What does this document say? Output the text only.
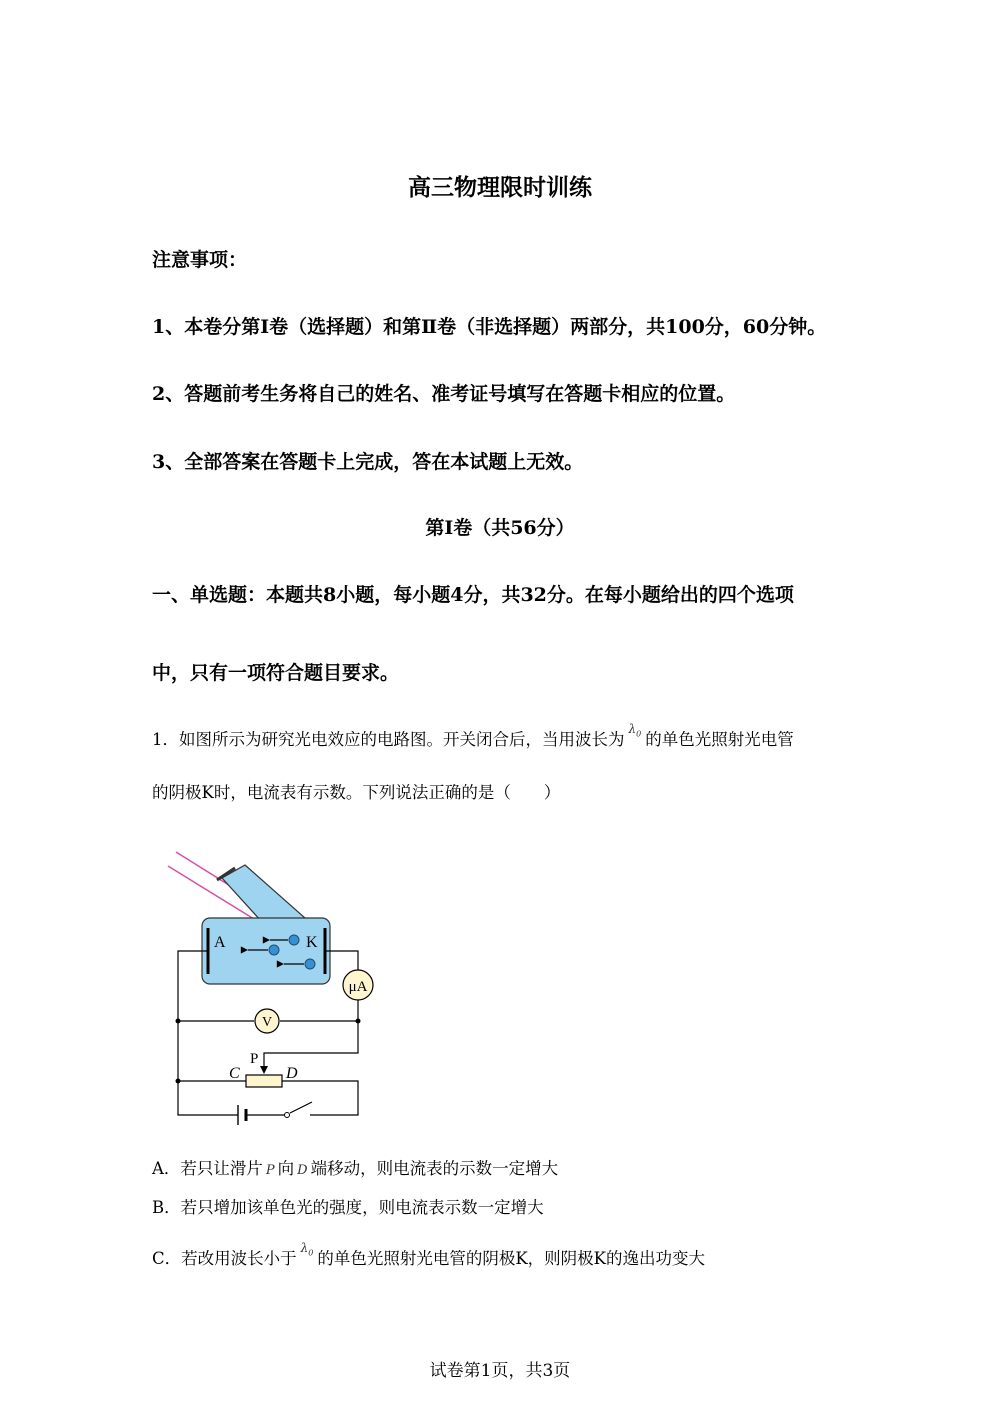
高三物理限时训练
注意事项：
1、本卷分第Ⅰ卷（选择题）和第Ⅱ卷（非选择题）两部分，共100分，60分钟。
2、答题前考生务将自己的姓名、准考证号填写在答题卡相应的位置。
3、全部答案在答题卡上完成，答在本试题上无效。
第Ⅰ卷（共56分）
一、单选题：本题共8小题，每小题4分，共32分。在每小题给出的四个选项
中，只有一项符合题目要求。
1．如图所示为研究光电效应的电路图。开关闭合后，当用波长为$^{\lambda_0}$ 的单色光照射光电管
的阴极K时，电流表有示数。下列说法正确的是（　　）
A	K
μA
V
P
C	D
A．若只让滑片 P 向 D 端移动，则电流表的示数一定增大
B．若只增加该单色光的强度，则电流表示数一定增大
C．若改用波长小于$^{\lambda_0}$ 的单色光照射光电管的阴极K，则阴极K的逸出功变大
试卷第1页，共3页
